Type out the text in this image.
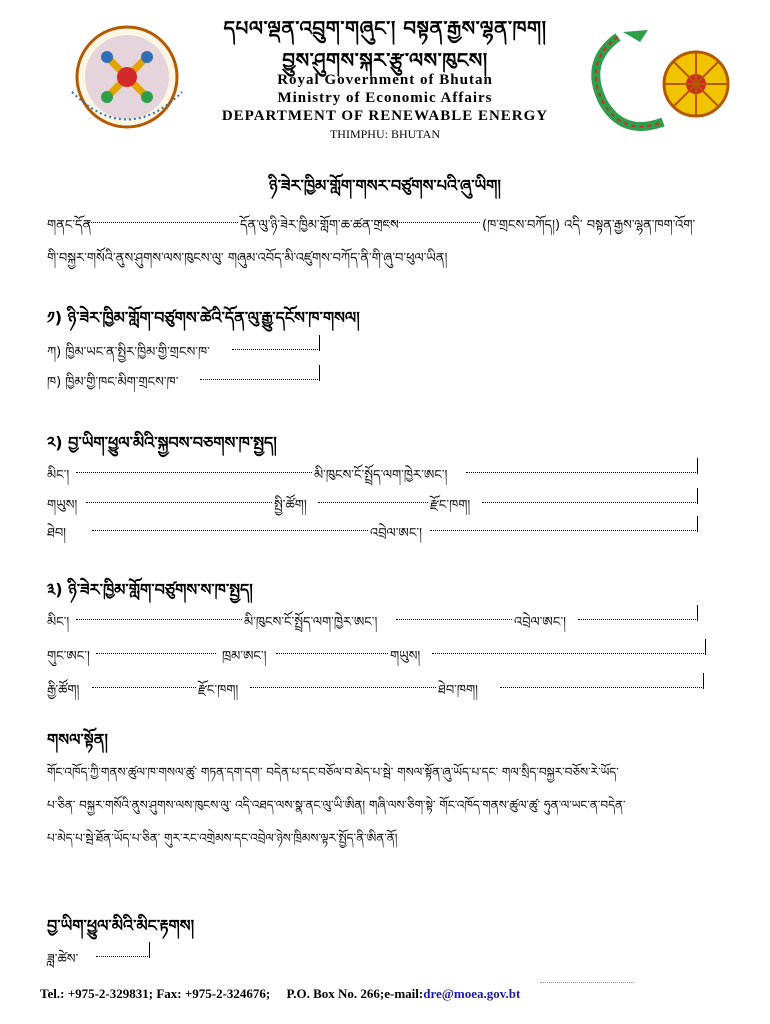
དཔལ་ལྡན་འབྲུག་གཞུང་། བསྟན་རྒྱས་ལྷན་ཁག།
བྱུས་ཤུགས་སྐར་རྩུ་ལས་ཁུངས།
Royal Government of Bhutan
Ministry of Economic Affairs
DEPARTMENT OF RENEWABLE ENERGY
THIMPHU: BHUTAN
ཉི་ཟེར་ཁྱིམ་གློག་གསར་བཙུགས་པའི་ཞུ་ཡིག།
གནང་དོན	དོན་ལུ་ཉི་ཟེར་ཁྱིམ་གློག་ཆ་ཚན་གྲངས	(ཁ་གྲངས་བཀོད།) འདི་ བསྟན་རྒྱས་ལྷན་ཁག་འོག་
གི་བསྐྱར་གསོའི་ནུས་ཤུགས་ལས་ཁུངས་ལུ་ གཞུམ་འབོད་མི་འཛུགས་བཀོད་ནི་གི་ཞུ་བ་ཕུལ་ཡིན།
༡) ཉི་ཟེར་ཁྱིམ་གློག་བཙུགས་ཚེའི་དོན་ལུ་རྒྱུ་དངོས་ཁ་གསལ།
ཀ) ཁྱིམ་ཡང་ན་སྤྱིར་ཁྱིམ་གྱི་གྲངས་ཁ་
ཁ) ཁྱིམ་གྱི་ཁང་མིག་གྲངས་ཁ་
༢) བྱ་ཡིག་ཕྱུལ་མིའི་སྐྱབས་བཅགས་ཁ་སྤྱད།
མིང་།	མི་ཁུངས་ངོ་སྤྲོད་ལག་ཁྱེར་ཨང་།
གཡུས།	སྤྱི་ཚོག།	རྫོང་ཁག།
ཐེབ།	འབྲེལ་ཨང་།
༣) ཉི་ཟེར་ཁྱིམ་གློག་བཙུགས་ས་ཁ་སྤྱད།
མིང་།	མི་ཁུངས་ངོ་སྤྲོད་ལག་ཁྱེར་ཨང་།	འབྲེལ་ཨང་།
གུང་ཨང་།	ཁྲམ་ཨང་།	གཡུས།
རྒྱི་ཚོག།	རྫོང་ཁག།	ཐེབ་ཁག།
གསལ་སྟོན།
གོང་འཁོད་ཀྱི་གནས་ཚུལ་ཁ་གསལ་ཚུ་ གཏན་དག་དག་ བདེན་པ་དང་བཅོལ་བ་མེད་པ་སྦེ་ གསལ་སྟོན་ཞུ་ཡོད་པ་དང་ གལ་སྲིད་བསྐྱར་བཅོས་རེ་ཡོད་
པ་ཅིན་ བསྐྱར་གསོའི་ནུས་ཤུགས་ལས་ཁུངས་ལུ་ འདི་འཐད་ལས་སྣ་ནང་ལུ་ཡི་ཨིན། གཞི་ལས་ཅིག་སྟེ་ གོང་འཁོད་གནས་ཚུལ་ཚུ་ ཧུན་ལ་ཡང་ན་བདེན་
པ་མེད་པ་སྦེ་ཐོན་ཡོད་པ་ཅིན་ གུར་རང་འགྲེམས་དང་འབྲེལ་ཉེས་ཁྲིམས་ལྟར་སྤྱོད་ནི་ཨིན་ནོ།
བྱ་ཡིག་ཕྱུལ་མིའི་མིང་རྟགས།
ཟླ་ཚེས་
Tel.: +975-2-329831; Fax: +975-2-324676;     P.O. Box No. 266;e-mail:dre@moea.gov.bt
